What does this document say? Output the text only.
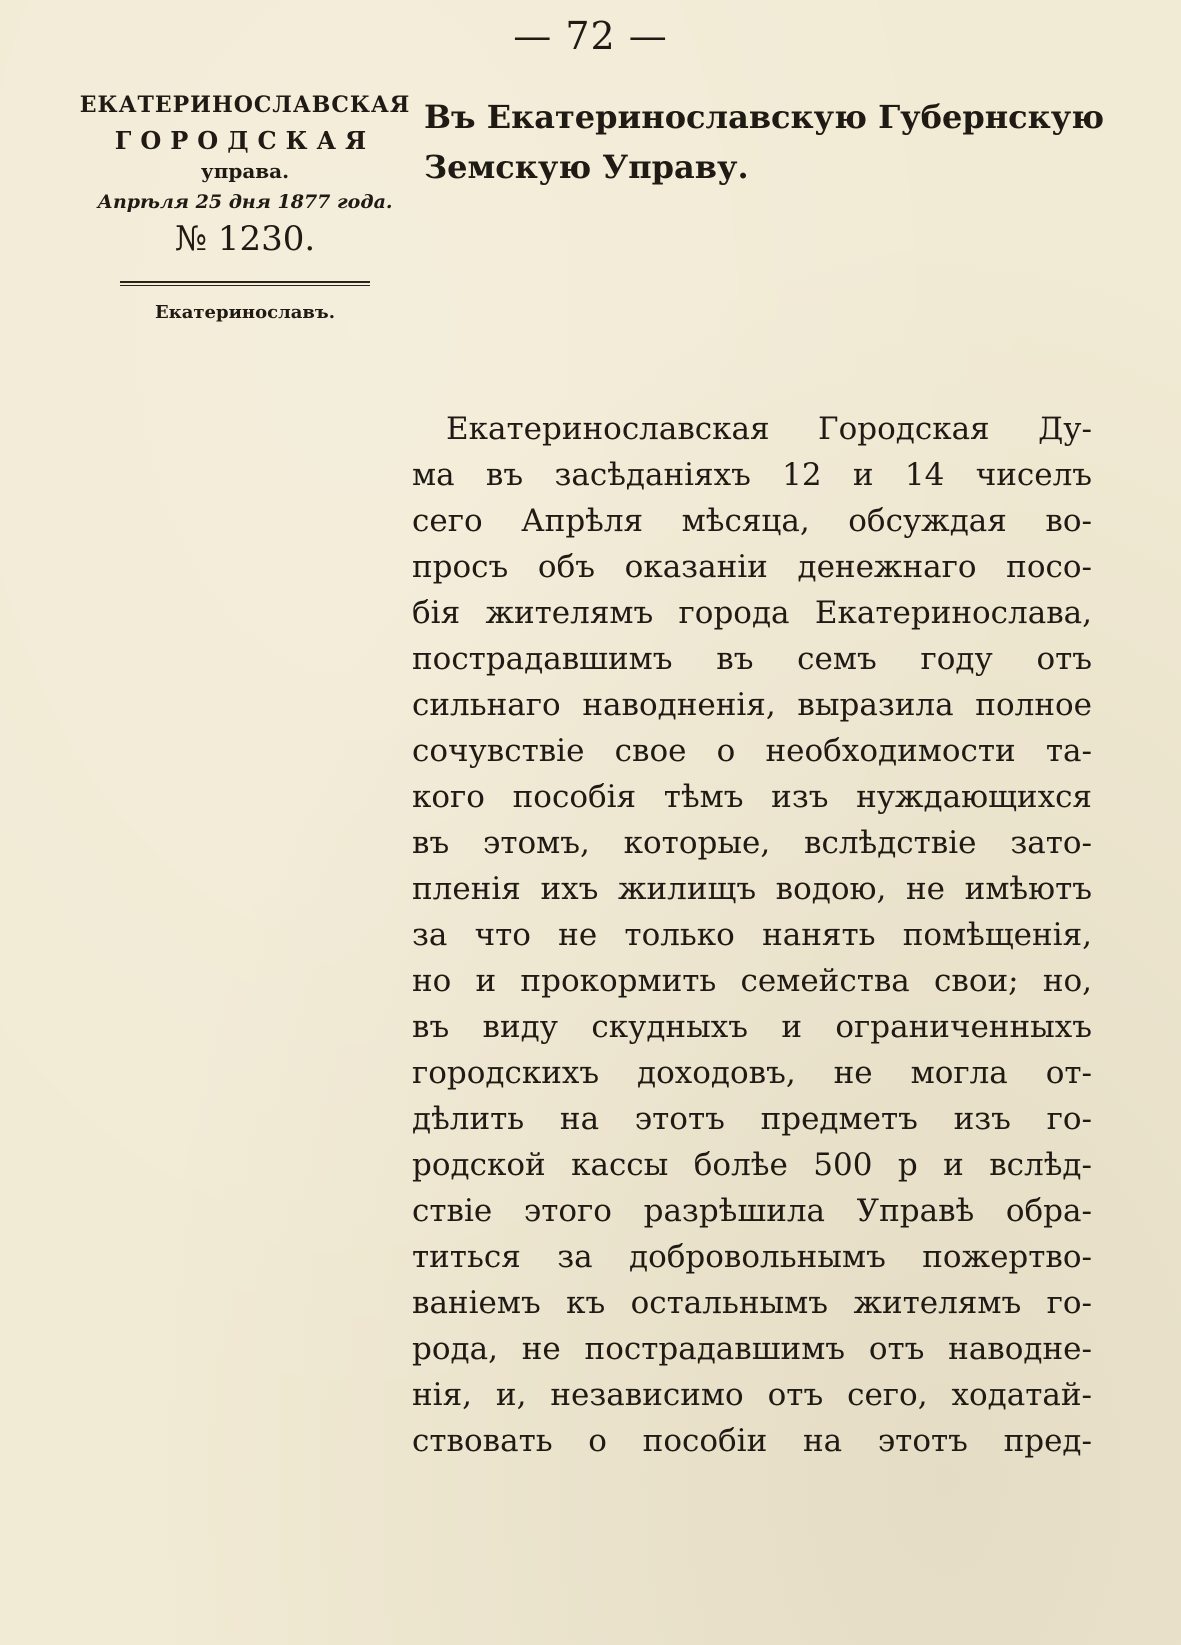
— 72 —
ЕКАТЕРИНОСЛАВСКАЯ
ГОРОДСКАЯ
управа.
Апрѣля 25 дня 1877 года.
№ 1230.
Екатеринославъ.
Въ Екатеринославскую Губернскую
Земскую Управу.
Екатеринославская Городская Ду-
ма въ засѣданіяхъ 12 и 14 чиселъ
сего Апрѣля мѣсяца, обсуждая во-
просъ объ оказаніи денежнаго посо-
бія жителямъ города Екатеринослава,
пострадавшимъ въ семъ году отъ
сильнаго наводненія, выразила полное
сочувствіе свое о необходимости та-
кого пособія тѣмъ изъ нуждающихся
въ этомъ, которые, вслѣдствіе зато-
пленія ихъ жилищъ водою, не имѣютъ
за что не только нанять помѣщенія,
но и прокормить семейства свои; но,
въ виду скудныхъ и ограниченныхъ
городскихъ доходовъ, не могла от-
дѣлить на этотъ предметъ изъ го-
родской кассы болѣе 500 р и вслѣд-
ствіе этого разрѣшила Управѣ обра-
титься за добровольнымъ пожертво-
ваніемъ къ остальнымъ жителямъ го-
рода, не пострадавшимъ отъ наводне-
нія, и, независимо отъ сего, ходатай-
ствовать о пособіи на этотъ пред-
